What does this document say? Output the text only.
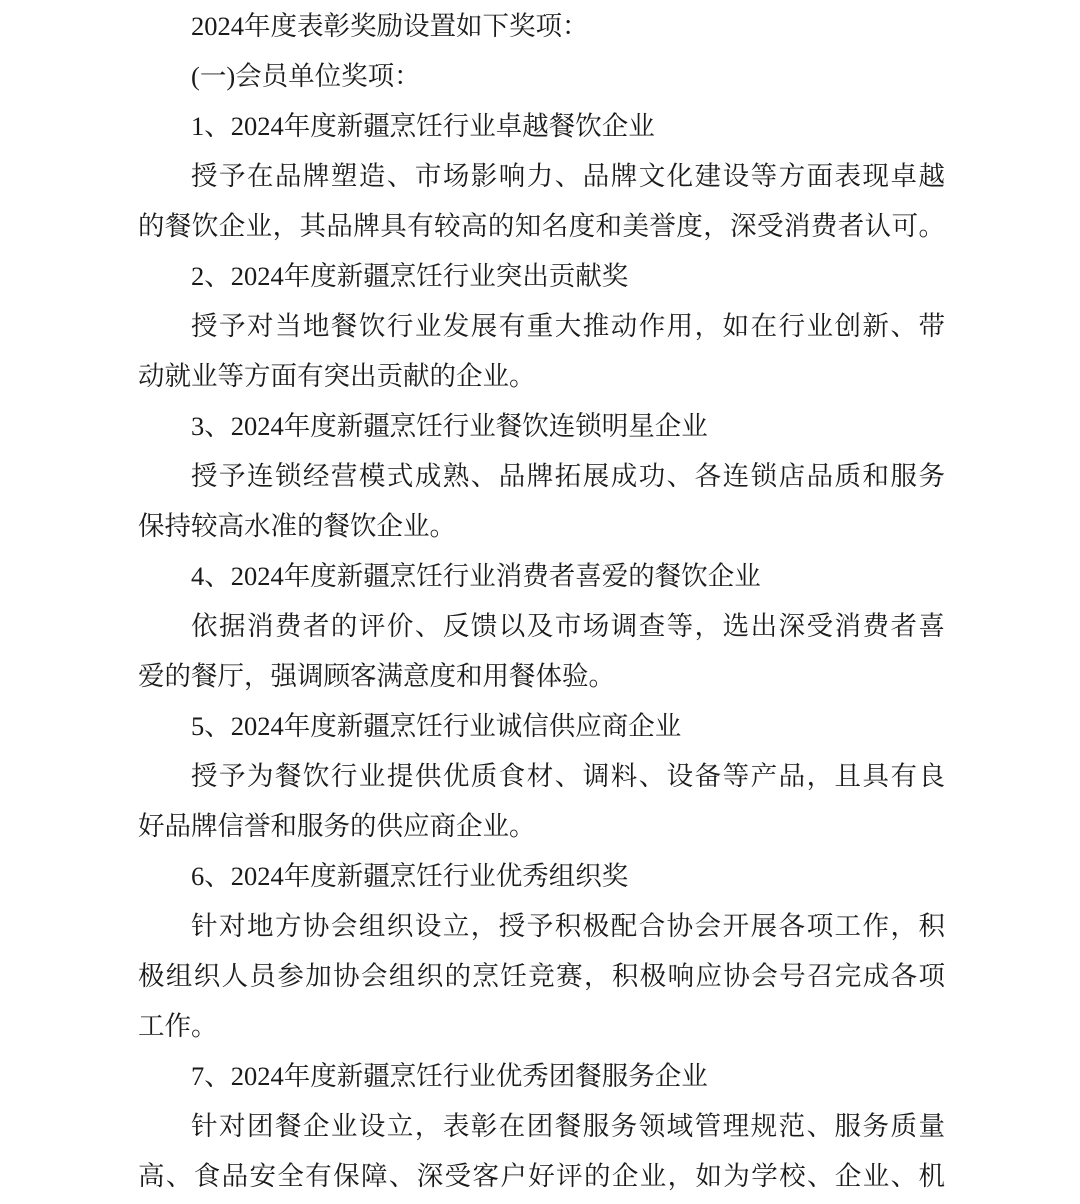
2024年度表彰奖励设置如下奖项：
(一)会员单位奖项：
1、2024年度新疆烹饪行业卓越餐饮企业
授予在品牌塑造、市场影响力、品牌文化建设等方面表现卓越
的餐饮企业，其品牌具有较高的知名度和美誉度，深受消费者认可。
2、2024年度新疆烹饪行业突出贡献奖
授予对当地餐饮行业发展有重大推动作用，如在行业创新、带
动就业等方面有突出贡献的企业。
3、2024年度新疆烹饪行业餐饮连锁明星企业
授予连锁经营模式成熟、品牌拓展成功、各连锁店品质和服务
保持较高水准的餐饮企业。
4、2024年度新疆烹饪行业消费者喜爱的餐饮企业
依据消费者的评价、反馈以及市场调查等，选出深受消费者喜
爱的餐厅，强调顾客满意度和用餐体验。
5、2024年度新疆烹饪行业诚信供应商企业
授予为餐饮行业提供优质食材、调料、设备等产品，且具有良
好品牌信誉和服务的供应商企业。
6、2024年度新疆烹饪行业优秀组织奖
针对地方协会组织设立，授予积极配合协会开展各项工作，积
极组织人员参加协会组织的烹饪竞赛，积极响应协会号召完成各项
工作。
7、2024年度新疆烹饪行业优秀团餐服务企业
针对团餐企业设立，表彰在团餐服务领域管理规范、服务质量
高、食品安全有保障、深受客户好评的企业，如为学校、企业、机
